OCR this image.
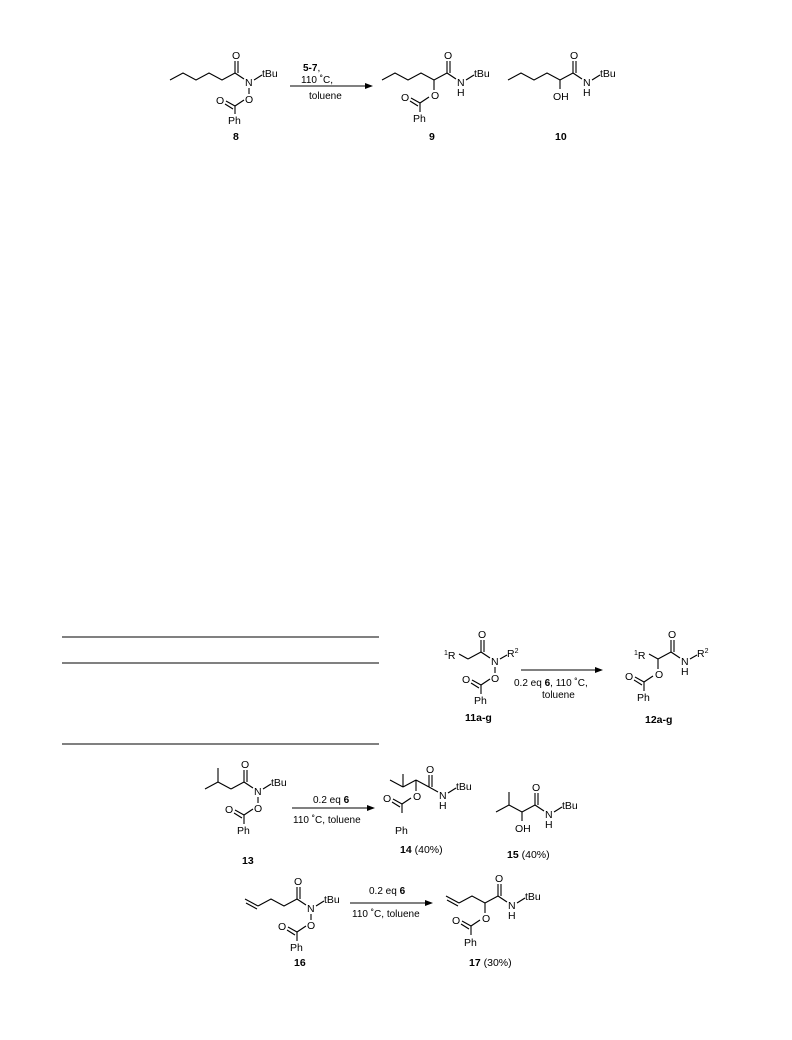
O
N
tBu
O
O
Ph
8
5-7,
110 ˚C,
toluene
O
N
H
tBu
O
O
Ph
9
O
N
H
tBu
OH
10
$^1$R
O
N
$R^2$
O
O
Ph
11a-g
0.2 eq 6, 110 ˚C,
toluene
$^1$R
O
N
H
$R^2$
O
O
Ph
12a-g
O
N
tBu
O
O
Ph
13
0.2 eq 6
110 ˚C, toluene
O
N
H
tBu
O
O
Ph
14 (40%)
O
N
H
tBu
OH
15 (40%)
O
N
tBu
O
O
Ph
16
0.2 eq 6
110 ˚C, toluene
O
N
H
tBu
O
O
Ph
17 (30%)
